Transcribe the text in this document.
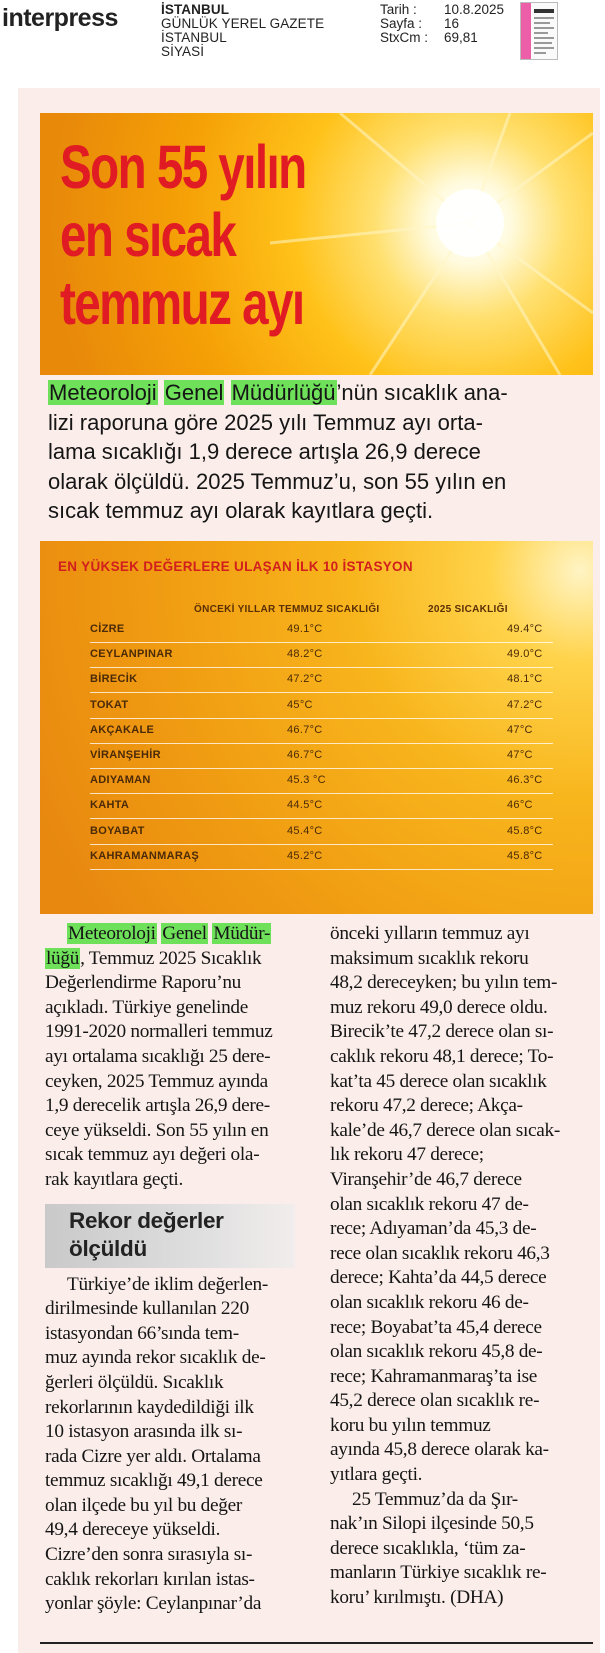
interpress	İSTANBUL
GÜNLÜK YEREL GAZETE
İSTANBUL
SİYASİ
Tarih :	10.8.2025
Sayfa :	16
StxCm :	69,81
Son 55 yılın
en sıcak
temmuz ayı
Meteoroloji Genel Müdürlüğü’nün sıcaklık ana-
lizi raporuna göre 2025 yılı Temmuz ayı orta-
lama sıcaklığı 1,9 derece artışla 26,9 derece
olarak ölçüldü. 2025 Temmuz’u, son 55 yılın en
sıcak temmuz ayı olarak kayıtlara geçti.
EN YÜKSEK DEĞERLERE ULAŞAN İLK 10 İSTASYON
ÖNCEKİ YILLAR TEMMUZ SICAKLIĞI	2025 SICAKLIĞI
CİZRE	49.1°C	49.4°C
CEYLANPINAR	48.2°C	49.0°C
BİRECİK	47.2°C	48.1°C
TOKAT	45°C	47.2°C
AKÇAKALE	46.7°C	47°C
VİRANŞEHİR	46.7°C	47°C
ADIYAMAN	45.3 °C	46.3°C
KAHTA	44.5°C	46°C
BOYABAT	45.4°C	45.8°C
KAHRAMANMARAŞ	45.2°C	45.8°C

Meteoroloji Genel Müdür-

lüğü, Temmuz 2025 Sıcaklık

Değerlendirme Raporu’nu

açıkladı. Türkiye genelinde

1991-2020 normalleri temmuz

ayı ortalama sıcaklığı 25 dere-

ceyken, 2025 Temmuz ayında

1,9 derecelik artışla 26,9 dere-

ceye yükseldi. Son 55 yılın en

sıcak temmuz ayı değeri ola-

rak kayıtlara geçti.

Türkiye’de iklim değerlen-

dirilmesinde kullanılan 220

istasyondan 66’sında tem-

muz ayında rekor sıcaklık de-

ğerleri ölçüldü. Sıcaklık

rekorlarının kaydedildiği ilk

10 istasyon arasında ilk sı-

rada Cizre yer aldı. Ortalama

temmuz sıcaklığı 49,1 derece

olan ilçede bu yıl bu değer

49,4 dereceye yükseldi.

Cizre’den sonra sırasıyla sı-

caklık rekorları kırılan istas-

yonlar şöyle: Ceylanpınar’da

Rekor değerler
ölçüldü

önceki yılların temmuz ayı

maksimum sıcaklık rekoru

48,2 dereceyken; bu yılın tem-

muz rekoru 49,0 derece oldu.

Birecik’te 47,2 derece olan sı-

caklık rekoru 48,1 derece; To-

kat’ta 45 derece olan sıcaklık

rekoru 47,2 derece; Akça-

kale’de 46,7 derece olan sıcak-

lık rekoru 47 derece;

Viranşehir’de 46,7 derece

olan sıcaklık rekoru 47 de-

rece; Adıyaman’da 45,3 de-

rece olan sıcaklık rekoru 46,3

derece; Kahta’da 44,5 derece

olan sıcaklık rekoru 46 de-

rece; Boyabat’ta 45,4 derece

olan sıcaklık rekoru 45,8 de-

rece; Kahramanmaraş’ta ise

45,2 derece olan sıcaklık re-

koru bu yılın temmuz

ayında 45,8 derece olarak ka-

yıtlara geçti.

25 Temmuz’da da Şır-

nak’ın Silopi ilçesinde 50,5

derece sıcaklıkla, ‘tüm za-

manların Türkiye sıcaklık re-

koru’ kırılmıştı. (DHA)
